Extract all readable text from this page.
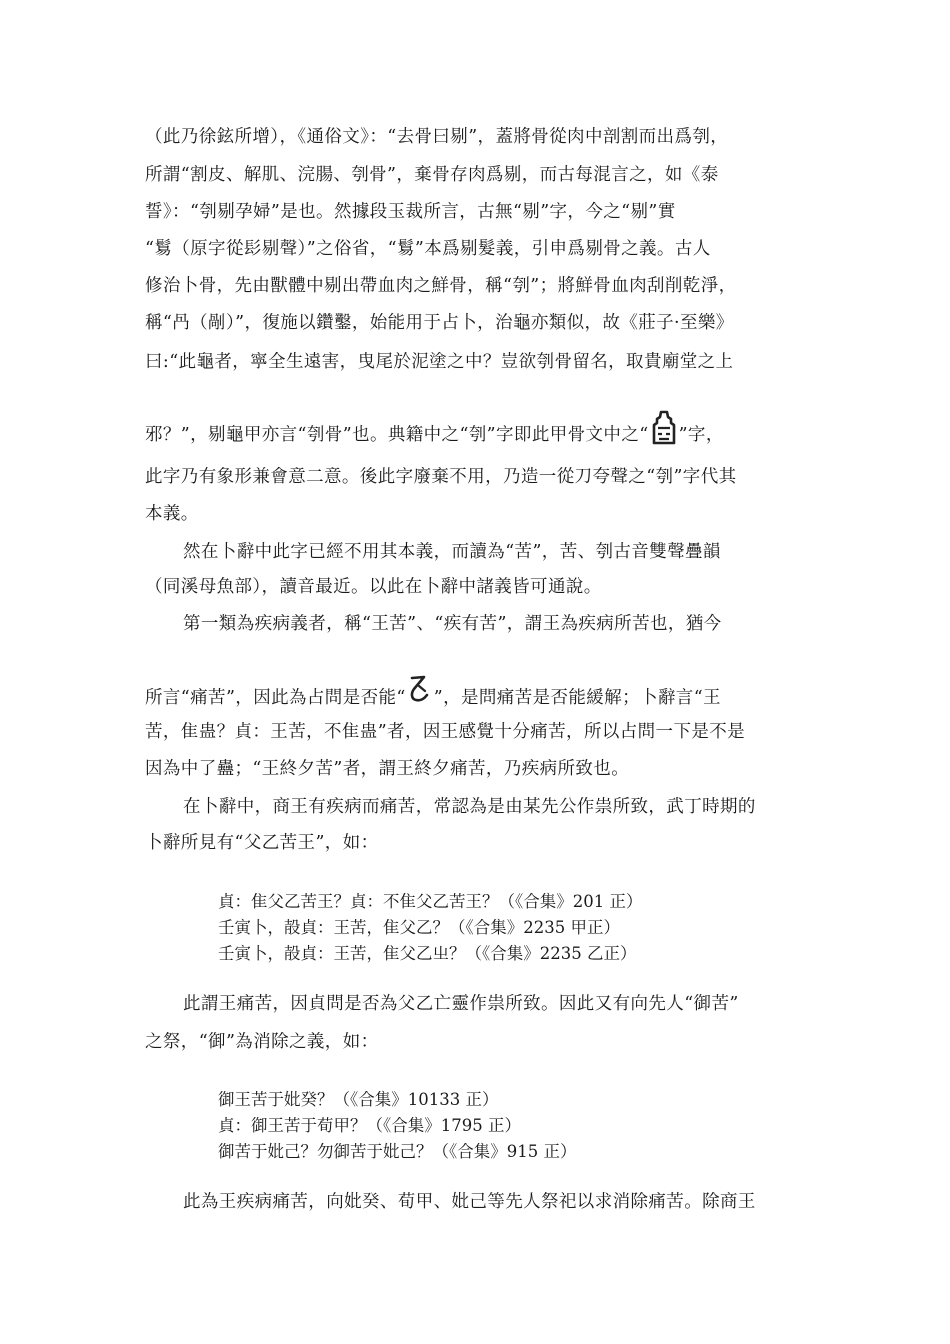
（此乃徐鉉所增），《通俗文》：“去骨曰剔”，蓋將骨從肉中剖割而出爲刳，
所謂“割皮、解肌、浣腸、刳骨”，棄骨存肉爲剔，而古每混言之，如《泰
誓》：“刳剔孕婦”是也。然據段玉裁所言，古無“剔”字，今之“剔”實
“鬄（原字從髟剔聲）”之俗省，“鬄”本爲剔髮義，引申爲剔骨之義。古人
修治卜骨，先由獸體中剔出帶血肉之鮮骨，稱“刳”；將鮮骨血肉刮削乾淨，
稱“冎（剮）”，復施以鑽鑿，始能用于占卜，治龜亦類似，故《莊子·至樂》
曰:“此龜者，寧全生遠害，曳尾於泥塗之中？豈欲刳骨留名，取貴廟堂之上
邪？”，剔龜甲亦言“刳骨”也。典籍中之“刳”字即此甲骨文中之“ ”字，
此字乃有象形兼會意二意。後此字廢棄不用，乃造一從刀夸聲之“刳”字代其
本義。
然在卜辭中此字已經不用其本義，而讀為“苦”，苦、刳古音雙聲疊韻
（同溪母魚部），讀音最近。以此在卜辭中諸義皆可通說。
第一類為疾病義者，稱“王苦”、“疾有苦”，謂王為疾病所苦也，猶今
所言“痛苦”，因此為占問是否能“ ”，是問痛苦是否能緩解；卜辭言“王
苦，隹蛊？貞：王苦，不隹蛊”者，因王感覺十分痛苦，所以占問一下是不是
因為中了蠱；“王終夕苦”者，謂王終夕痛苦，乃疾病所致也。
在卜辭中，商王有疾病而痛苦，常認為是由某先公作祟所致，武丁時期的
卜辭所見有“父乙苦王”，如：
貞：隹父乙苦王？貞：不隹父乙苦王？（《合集》201 正）
壬寅卜，㱿貞：王苦，隹父乙？（《合集》2235 甲正）
壬寅卜，㱿貞：王苦，隹父乙㞢？（《合集》2235 乙正）
此謂王痛苦，因貞問是否為父乙亡靈作祟所致。因此又有向先人“御苦”
之祭，“御”為消除之義，如：
御王苦于妣癸？（《合集》10133 正）
貞：御王苦于荀甲？（《合集》1795 正）
御苦于妣己？勿御苦于妣己？（《合集》915 正）
此為王疾病痛苦，向妣癸、荀甲、妣己等先人祭祀以求消除痛苦。除商王
